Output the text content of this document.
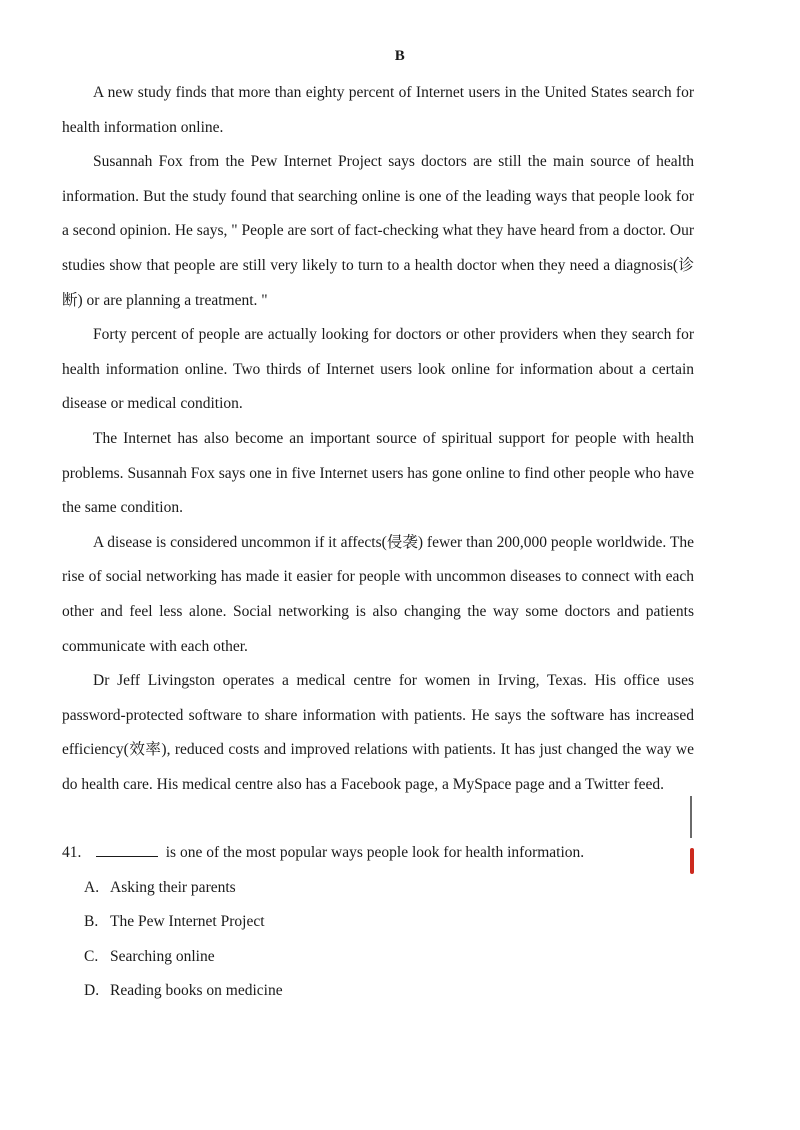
B

A new study finds that more than eighty percent of Internet users in the United States search for health information online.

Susannah Fox from the Pew Internet Project says doctors are still the main source of health information. But the study found that searching online is one of the leading ways that people look for a second opinion. He says, " People are sort of fact-checking what they have heard from a doctor. Our studies show that people are still very likely to turn to a health doctor when they need a diagnosis(诊断) or are planning a treatment. "

Forty percent of people are actually looking for doctors or other providers when they search for health information online. Two thirds of Internet users look online for information about a certain disease or medical condition.

The Internet has also become an important source of spiritual support for people with health problems. Susannah Fox says one in five Internet users has gone online to find other people who have the same condition.

A disease is considered uncommon if it affects(侵袭) fewer than 200,000 people worldwide. The rise of social networking has made it easier for people with uncommon diseases to connect with each other and feel less alone. Social networking is also changing the way some doctors and patients communicate with each other.

Dr Jeff Livingston operates a medical centre for women in Irving, Texas. His office uses password-protected software to share information with patients. He says the software has increased efficiency(效率), reduced costs and improved relations with patients. It has just changed the way we do health care. His medical centre also has a Facebook page, a MySpace page and a Twitter feed.

41.	is one of the most popular ways people look for health information.

A. Asking their parents
B. The Pew Internet Project
C. Searching online
D. Reading books on medicine
